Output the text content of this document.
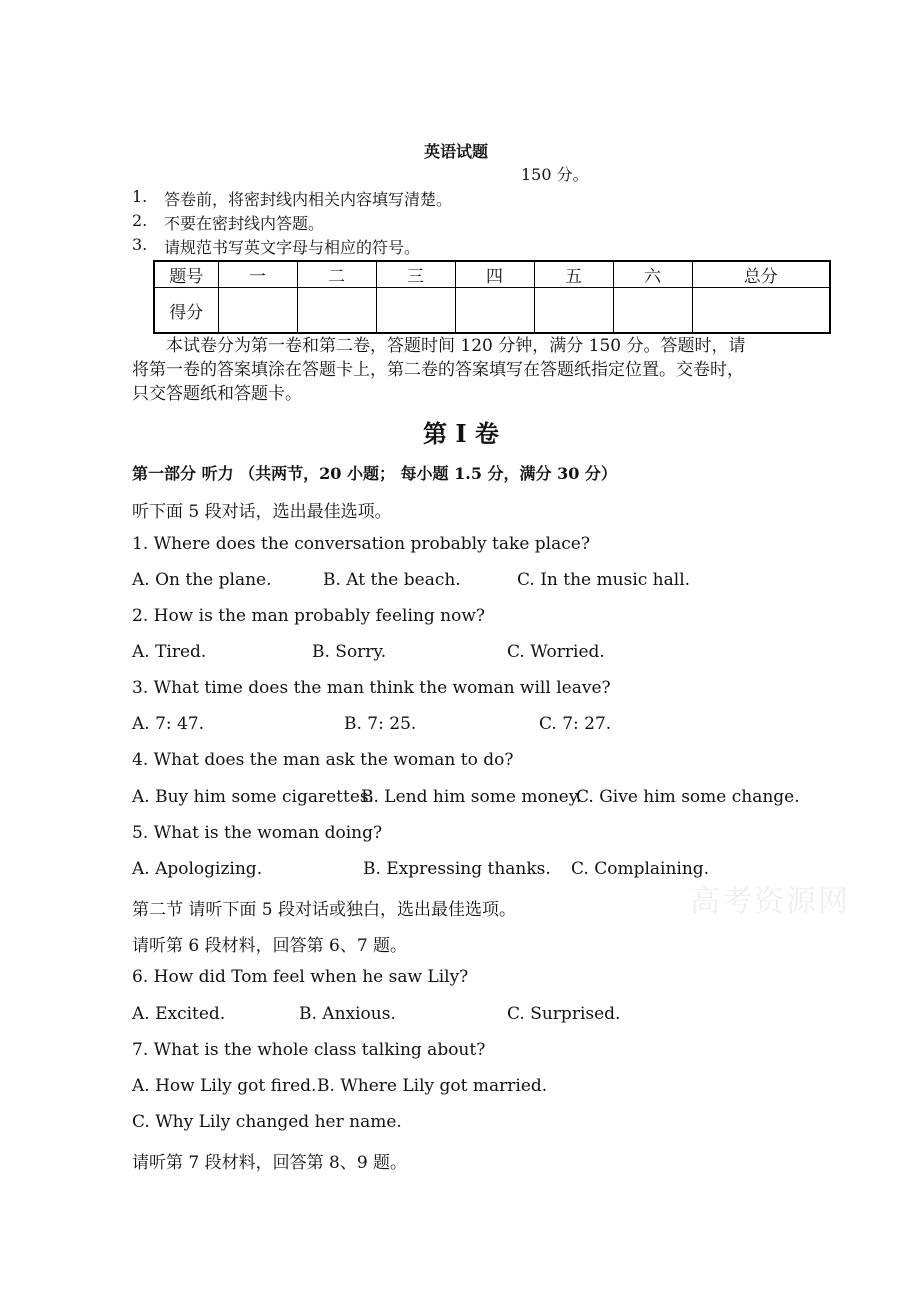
英语试题
150 分。
1. 答卷前，将密封线内相关内容填写清楚。
2. 不要在密封线内答题。
3. 请规范书写英文字母与相应的符号。
题号	一	二	三	四	五	六	总分
得分							
本试卷分为第一卷和第二卷，答题时间 120 分钟，满分 150 分。答题时，请
将第一卷的答案填涂在答题卡上，第二卷的答案填写在答题纸指定位置。交卷时，
只交答题纸和答题卡。
第 I 卷
第一部分 听力 （共两节，20 小题； 每小题 1.5 分，满分 30 分）
听下面 5 段对话，选出最佳选项。
1. Where does the conversation probably take place?
A. On the plane.	B. At the beach.	C. In the music hall.
2. How is the man probably feeling now?
A. Tired.	B. Sorry.	C. Worried.
3. What time does the man think the woman will leave?
A. 7: 47.	B. 7: 25.	C. 7: 27.
4. What does the man ask the woman to do?
A. Buy him some cigarettes.
B. Lend him some money.
C. Give him some change.
5. What is the woman doing?
A. Apologizing.	B. Expressing thanks. C. Complaining.
第二节 请听下面 5 段对话或独白，选出最佳选项。
请听第 6 段材料，回答第 6、7 题。
6. How did Tom feel when he saw Lily?
A. Excited.	B. Anxious.	C. Surprised.
7. What is the whole class talking about?
A. How Lily got fired. B. Where Lily got married.
C. Why Lily changed her name.
请听第 7 段材料，回答第 8、9 题。
高考资源网
